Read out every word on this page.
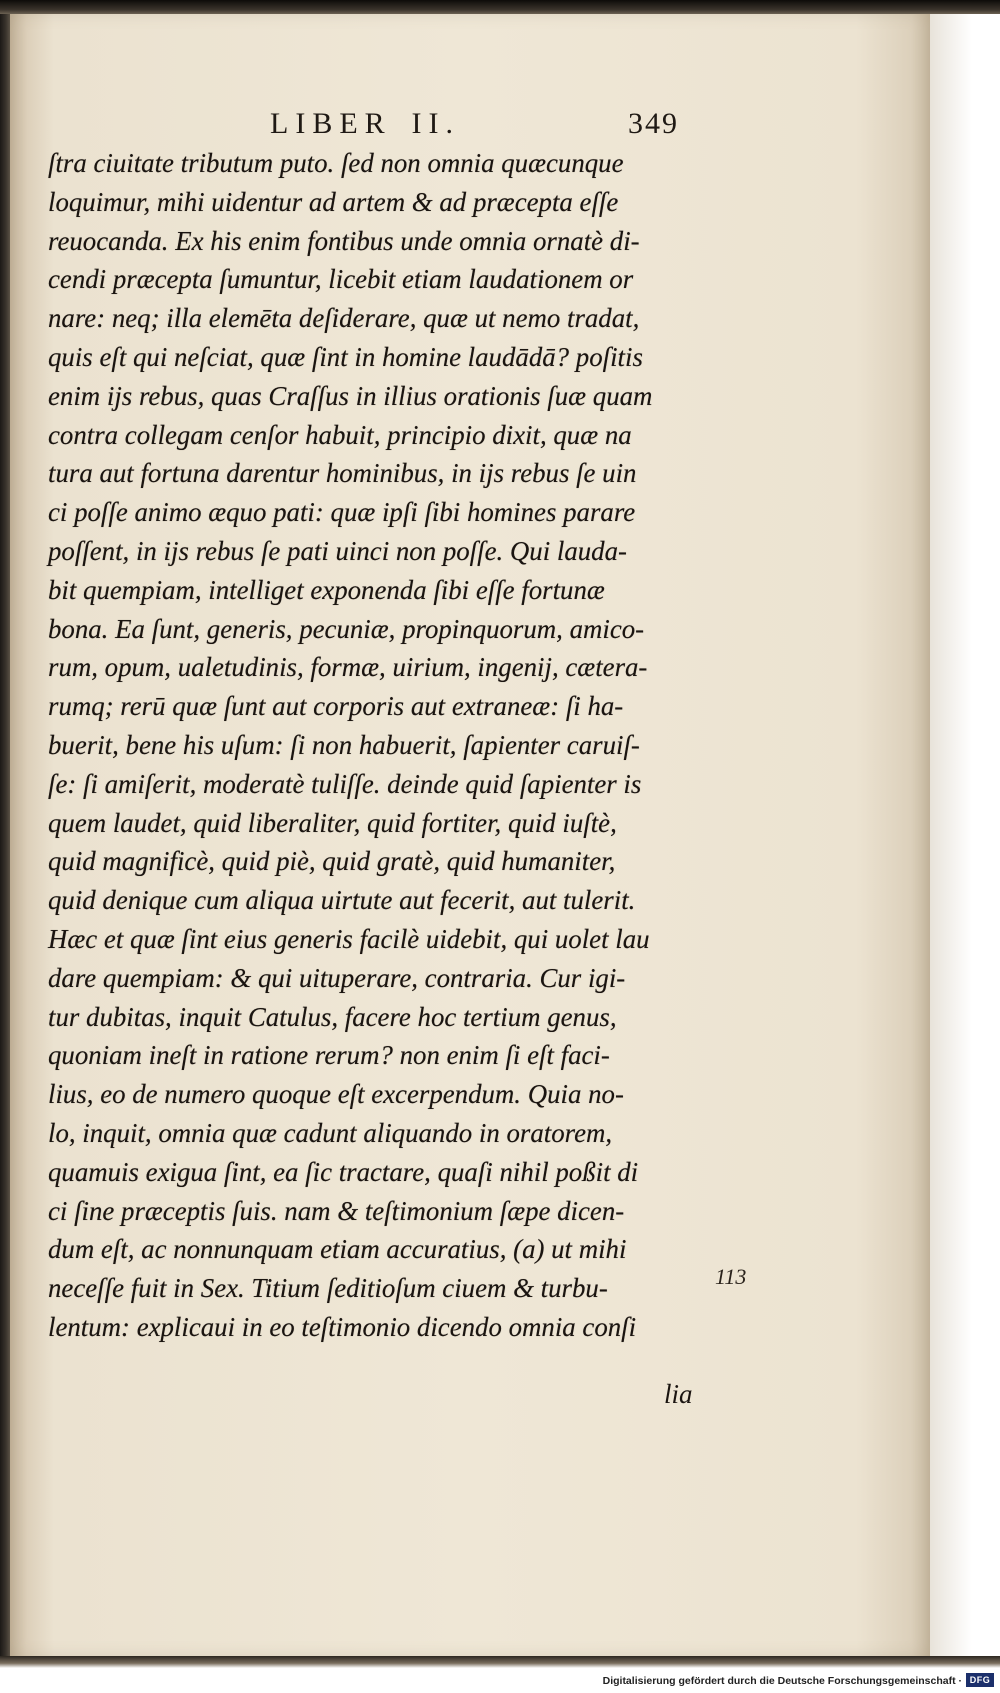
LIBER II.	349
ſtra ciuitate tributum puto. ſed non omnia quæcunque
loquimur, mihi uidentur ad artem & ad præcepta eſſe
reuocanda. Ex his enim fontibus unde omnia ornatè di-
cendi præcepta ſumuntur, licebit etiam laudationem or
nare: neq; illa elemēta deſiderare, quæ ut nemo tradat,
quis eſt qui neſciat, quæ ſint in homine laudādā? poſitis
enim ijs rebus, quas Craſſus in illius orationis ſuæ quam
contra collegam cenſor habuit, principio dixit, quæ na
tura aut fortuna darentur hominibus, in ijs rebus ſe uin
ci poſſe animo æquo pati: quæ ipſi ſibi homines parare
poſſent, in ijs rebus ſe pati uinci non poſſe. Qui lauda-
bit quempiam, intelliget exponenda ſibi eſſe fortunæ
bona. Ea ſunt, generis, pecuniæ, propinquorum, amico-
rum, opum, ualetudinis, formæ, uirium, ingenij, cætera-
rumq; rerū quæ ſunt aut corporis aut extraneæ: ſi ha-
buerit, bene his uſum: ſi non habuerit, ſapienter caruiſ-
ſe: ſi amiſerit, moderatè tuliſſe. deinde quid ſapienter is
quem laudet, quid liberaliter, quid fortiter, quid iuſtè,
quid magnificè, quid piè, quid gratè, quid humaniter,
quid denique cum aliqua uirtute aut fecerit, aut tulerit.
Hæc et quæ ſint eius generis facilè uidebit, qui uolet lau
dare quempiam: & qui uituperare, contraria. Cur igi-
tur dubitas, inquit Catulus, facere hoc tertium genus,
quoniam ineſt in ratione rerum? non enim ſi eſt faci-
lius, eo de numero quoque eſt excerpendum. Quia no-
lo, inquit, omnia quæ cadunt aliquando in oratorem,
quamuis exigua ſint, ea ſic tractare, quaſi nihil poßit di
ci ſine præceptis ſuis. nam & teſtimonium ſæpe dicen-
dum eſt, ac nonnunquam etiam accuratius, (a) ut mihi
neceſſe fuit in Sex. Titium ſeditioſum ciuem & turbu-
lentum: explicaui in eo teſtimonio dicendo omnia conſi
113
lia
Digitalisierung gefördert durch die Deutsche Forschungsgemeinschaft · DFG
